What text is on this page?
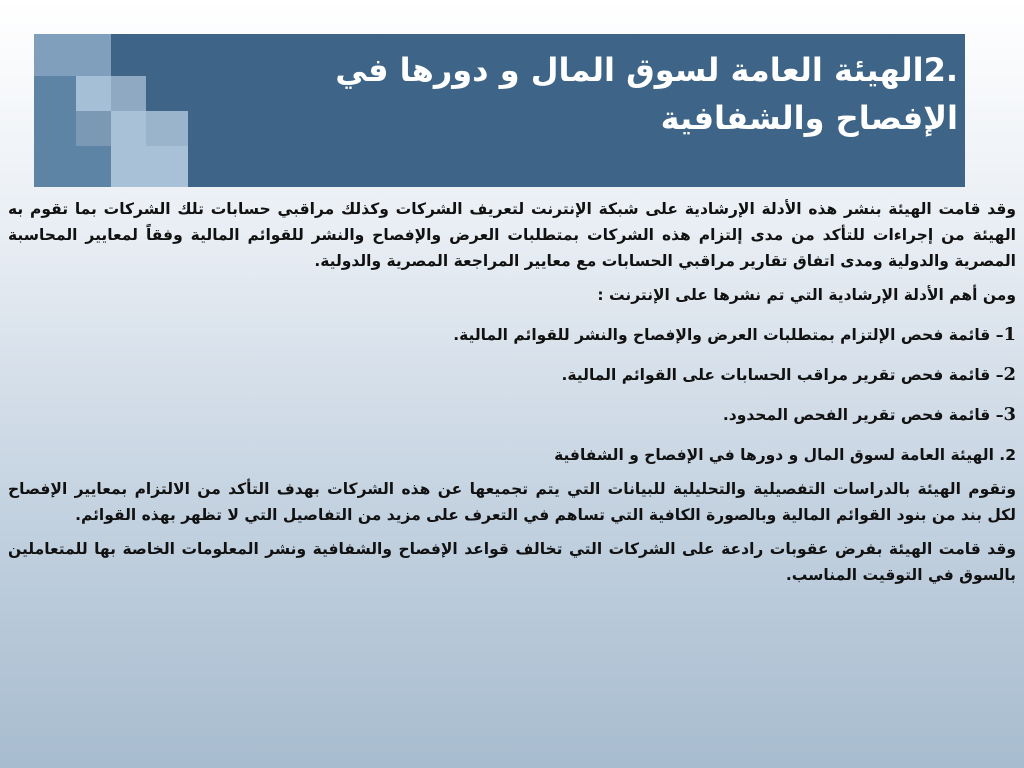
.2الهيئة العامة لسوق المال و دورها في
الإفصاح والشفافية

وقد قامت الهيئة بنشر هذه الأدلة الإرشادية على شبكة الإنترنت لتعريف الشركات وكذلك مراقبي حسابات تلك الشركات بما تقوم به الهيئة من إجراءات للتأكد من مدى إلتزام هذه الشركات بمتطلبات العرض والإفصاح والنشر للقوائم المالية وفقاً لمعايير المحاسبة المصرية والدولية ومدى اتفاق تقارير مراقبي الحسابات مع معايير المراجعة المصرية والدولية.

ومن أهم الأدلة الإرشادية التي تم نشرها على الإنترنت :

1– قائمة فحص الإلتزام بمتطلبات العرض والإفصاح والنشر للقوائم المالية.

2– قائمة فحص تقرير مراقب الحسابات على القوائم المالية.

3– قائمة فحص تقرير الفحص المحدود.

2. الهيئة العامة لسوق المال و دورها في الإفصاح و الشفافية

وتقوم الهيئة بالدراسات التفصيلية والتحليلية للبيانات التي يتم تجميعها عن هذه الشركات بهدف التأكد من الالتزام بمعايير الإفصاح لكل بند من بنود القوائم المالية وبالصورة الكافية التي تساهم في التعرف على مزيد من التفاصيل التي لا تظهر بهذه القوائم.

وقد قامت الهيئة بفرض عقوبات رادعة على الشركات التي تخالف قواعد الإفصاح والشفافية ونشر المعلومات الخاصة بها للمتعاملين بالسوق في التوقيت المناسب.
